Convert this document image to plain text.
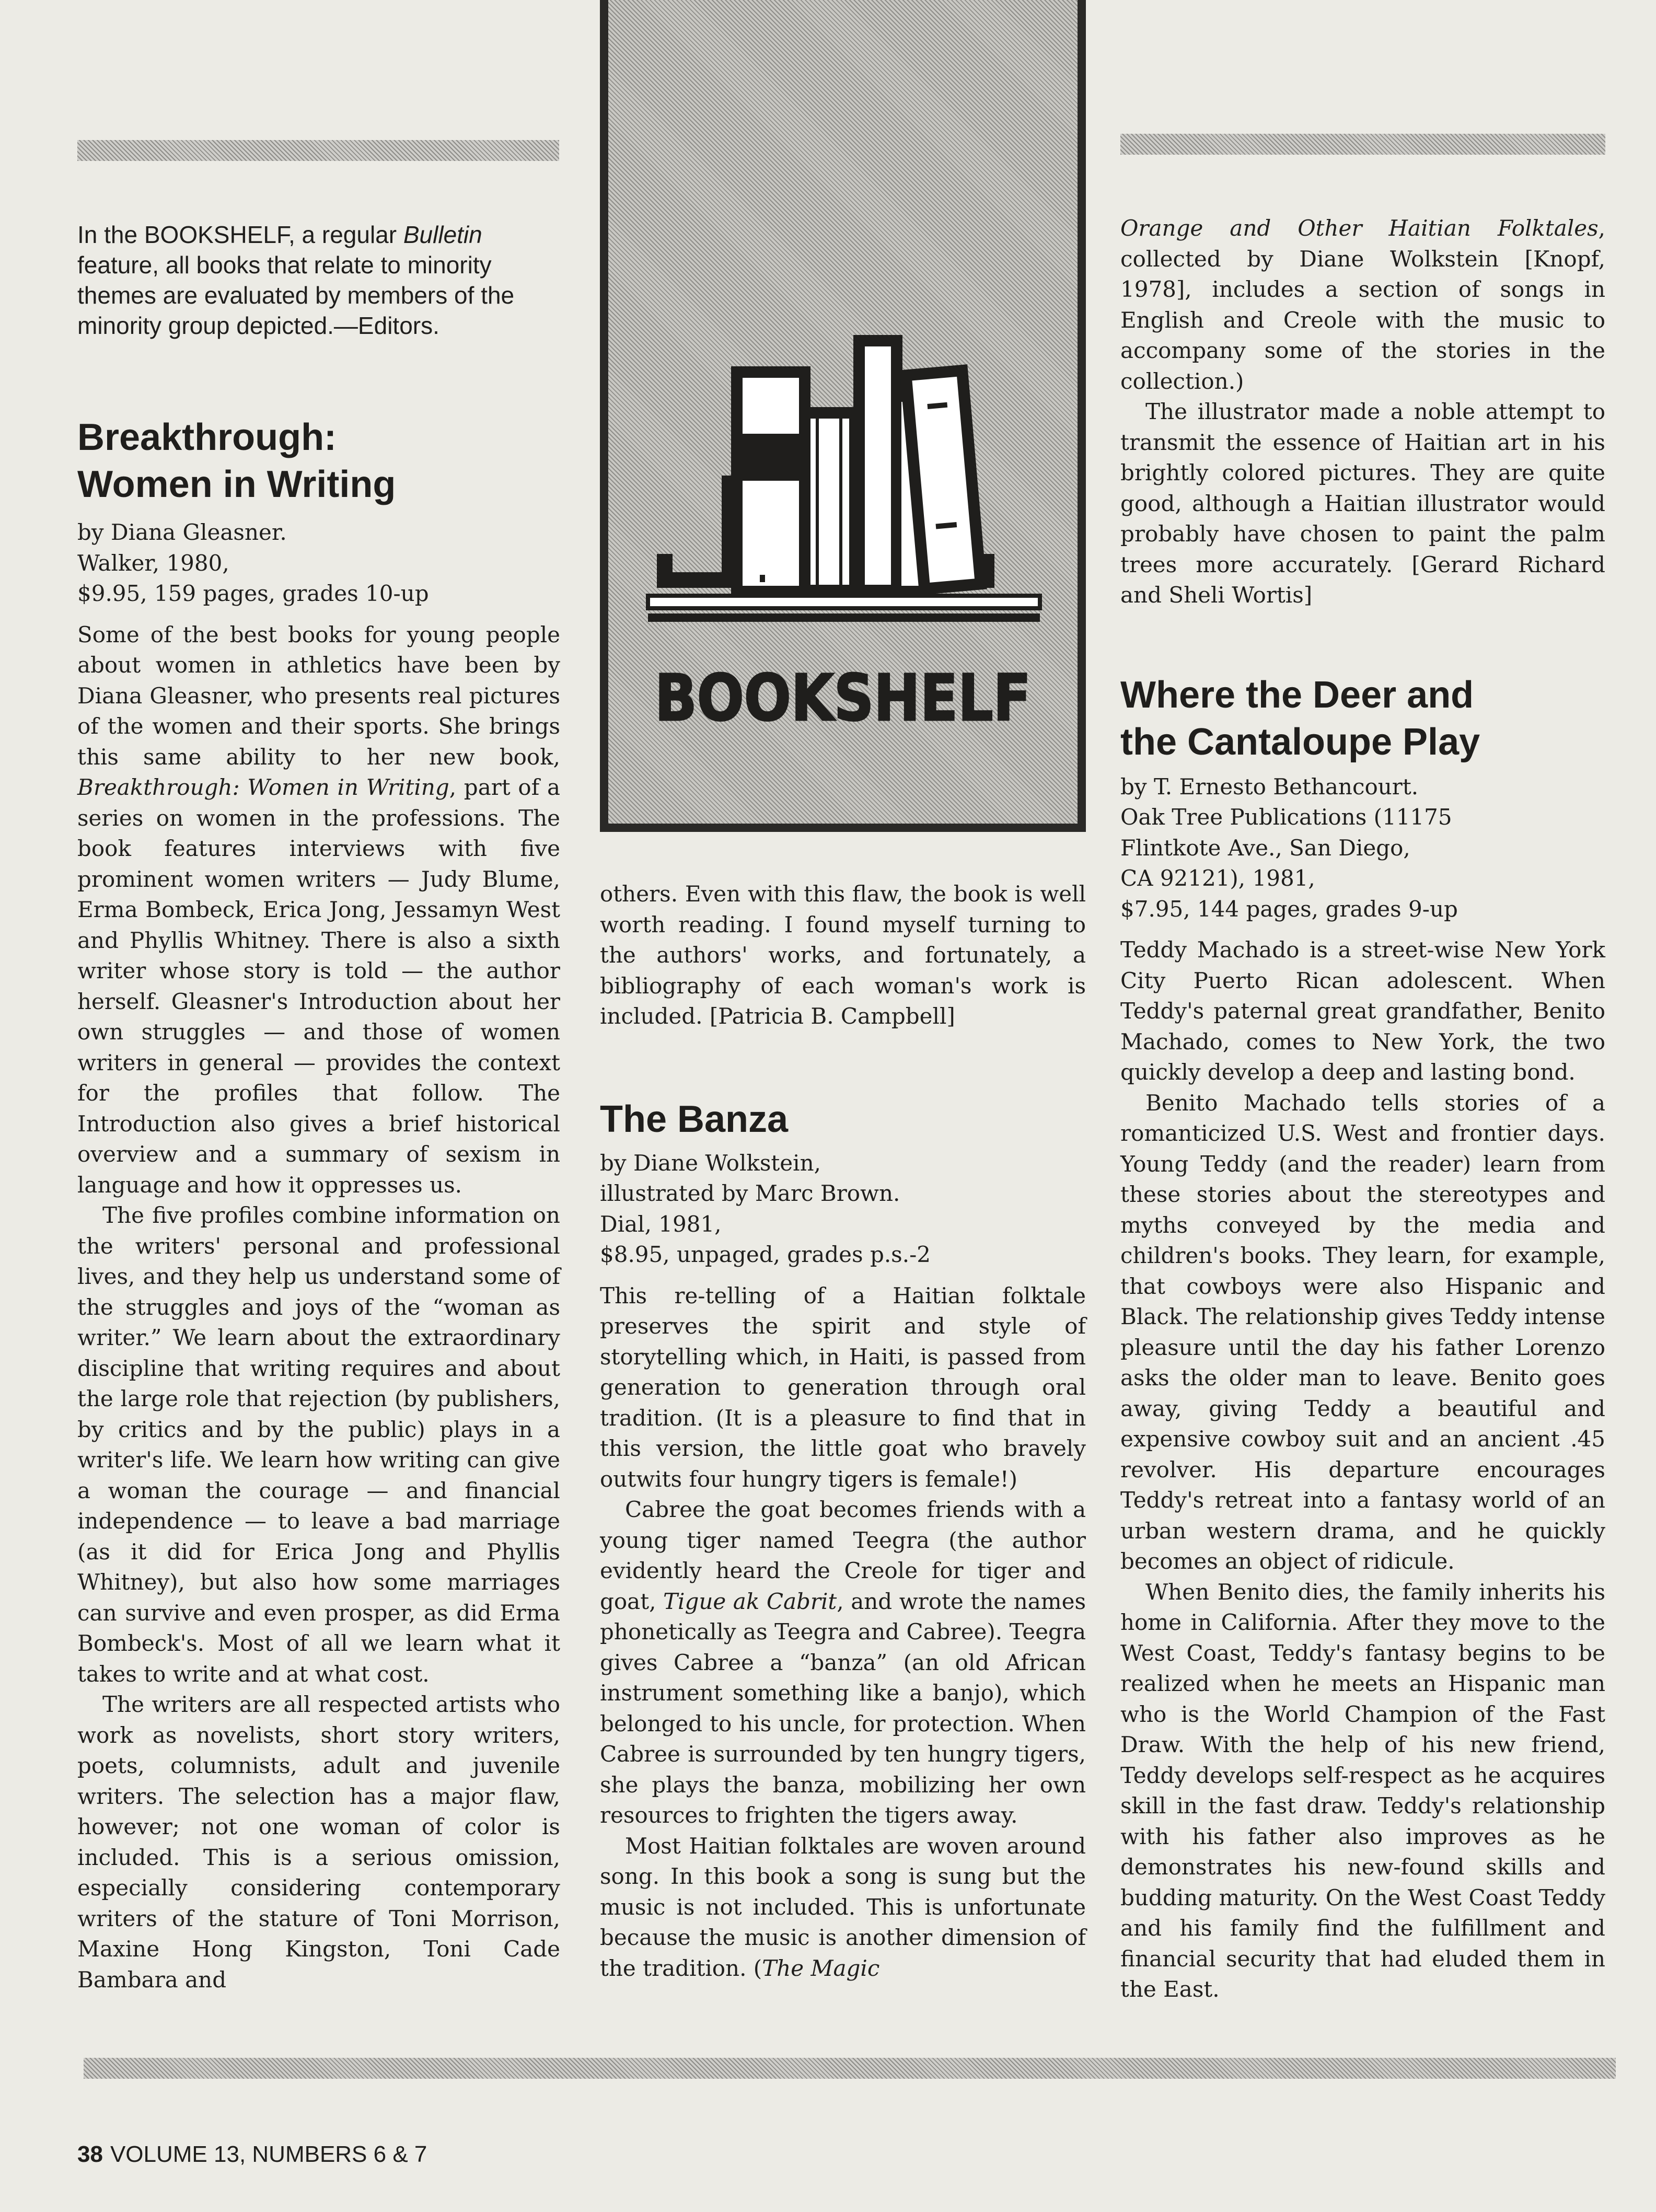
In the BOOKSHELF, a regular Bulletin feature, all books that relate to minority themes are evaluated by members of the minority group depicted.—Editors.

Breakthrough:
Women in Writing
by Diana Gleasner.
Walker, 1980,
$9.95, 159 pages, grades 10-up

Some of the best books for young people about women in athletics have been by Diana Gleasner, who presents real pictures of the women and their sports. She brings this same ability to her new book, Breakthrough: Women in Writing, part of a series on women in the professions. The book features interviews with five prominent women writers — Judy Blume, Erma Bombeck, Erica Jong, Jessamyn West and Phyllis Whitney. There is also a sixth writer whose story is told — the author herself. Gleasner's Introduction about her own struggles — and those of women writers in general — provides the context for the profiles that follow. The Introduction also gives a brief historical overview and a summary of sexism in language and how it oppresses us.

The five profiles combine information on the writers' personal and professional lives, and they help us understand some of the struggles and joys of the “woman as writer.” We learn about the extraordinary discipline that writing requires and about the large role that rejection (by publishers, by critics and by the public) plays in a writer's life. We learn how writing can give a woman the courage — and financial independence — to leave a bad marriage (as it did for Erica Jong and Phyllis Whitney), but also how some marriages can survive and even prosper, as did Erma Bombeck's. Most of all we learn what it takes to write and at what cost.

The writers are all respected artists who work as novelists, short story writers, poets, columnists, adult and juvenile writers. The selection has a major flaw, however; not one woman of color is included. This is a serious omission, especially considering contemporary writers of the stature of Toni Morrison, Maxine Hong Kingston, Toni Cade Bambara and

BOOKSHELF

others. Even with this flaw, the book is well worth reading. I found myself turning to the authors' works, and fortunately, a bibliography of each woman's work is included. [Patricia B. Campbell]

The Banza
by Diane Wolkstein,
illustrated by Marc Brown.
Dial, 1981,
$8.95, unpaged, grades p.s.-2

This re-telling of a Haitian folktale preserves the spirit and style of storytelling which, in Haiti, is passed from generation to generation through oral tradition. (It is a pleasure to find that in this version, the little goat who bravely outwits four hungry tigers is female!)

Cabree the goat becomes friends with a young tiger named Teegra (the author evidently heard the Creole for tiger and goat, Tigue ak Cabrit, and wrote the names phonetically as Teegra and Cabree). Teegra gives Cabree a “banza” (an old African instrument something like a banjo), which belonged to his uncle, for protection. When Cabree is surrounded by ten hungry tigers, she plays the banza, mobilizing her own resources to frighten the tigers away.

Most Haitian folktales are woven around song. In this book a song is sung but the music is not included. This is unfortunate because the music is another dimension of the tradition. (The Magic

Orange and Other Haitian Folktales, collected by Diane Wolkstein [Knopf, 1978], includes a section of songs in English and Creole with the music to accompany some of the stories in the collection.)

The illustrator made a noble attempt to transmit the essence of Haitian art in his brightly colored pictures. They are quite good, although a Haitian illustrator would probably have chosen to paint the palm trees more accurately. [Gerard Richard and Sheli Wortis]

Where the Deer and
the Cantaloupe Play
by T. Ernesto Bethancourt.
Oak Tree Publications (11175
Flintkote Ave., San Diego,
CA 92121), 1981,
$7.95, 144 pages, grades 9-up

Teddy Machado is a street-wise New York City Puerto Rican adolescent. When Teddy's paternal great grandfather, Benito Machado, comes to New York, the two quickly develop a deep and lasting bond.

Benito Machado tells stories of a romanticized U.S. West and frontier days. Young Teddy (and the reader) learn from these stories about the stereotypes and myths conveyed by the media and children's books. They learn, for example, that cowboys were also Hispanic and Black. The relationship gives Teddy intense pleasure until the day his father Lorenzo asks the older man to leave. Benito goes away, giving Teddy a beautiful and expensive cowboy suit and an ancient .45 revolver. His departure encourages Teddy's retreat into a fantasy world of an urban western drama, and he quickly becomes an object of ridicule.

When Benito dies, the family inherits his home in California. After they move to the West Coast, Teddy's fantasy begins to be realized when he meets an Hispanic man who is the World Champion of the Fast Draw. With the help of his new friend, Teddy develops self-respect as he acquires skill in the fast draw. Teddy's relationship with his father also improves as he demonstrates his new-found skills and budding maturity. On the West Coast Teddy and his family find the fulfillment and financial security that had eluded them in the East.

38 VOLUME 13, NUMBERS 6 & 7
